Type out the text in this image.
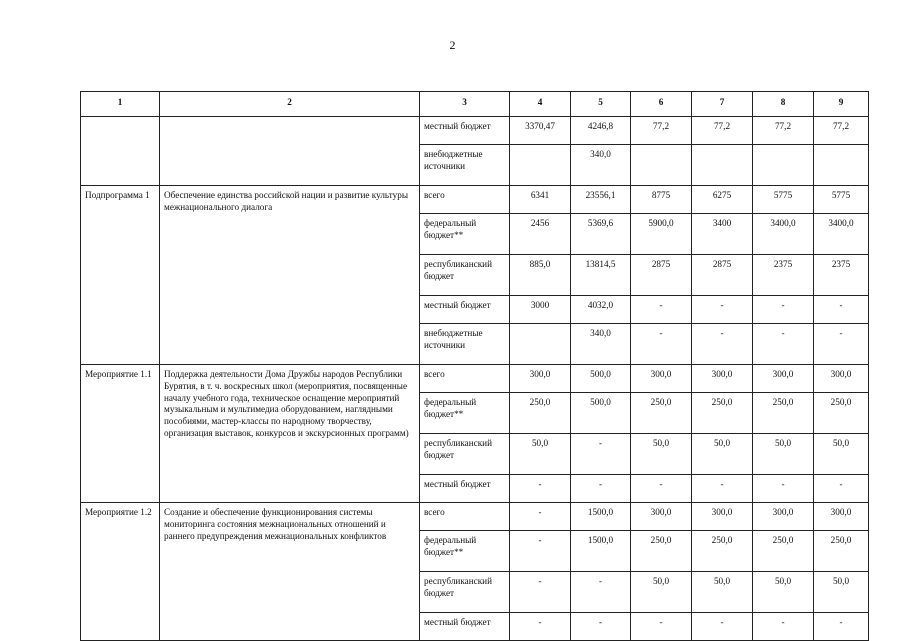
2
1	2	3	4	5	6	7	8	9
		местный бюджет	3370,47	4246,8	77,2	77,2	77,2	77,2
		внебюджетные источники		340,0				
Подпрограмма 1	Обеспечение единства российской нации и развитие культуры межнационального диалога	всего	6341	23556,1	8775	6275	5775	5775
		федеральный бюджет**	2456	5369,6	5900,0	3400	3400,0	3400,0
		республиканский бюджет	885,0	13814,5	2875	2875	2375	2375
		местный бюджет	3000	4032,0	-	-	-	-
		внебюджетные источники		340,0	-	-	-	-
Мероприятие 1.1	Поддержка деятельности Дома Дружбы народов Республики Бурятия, в т. ч. воскресных школ (мероприятия, посвященные началу учебного года, техническое оснащение мероприятий музыкальным и мультимедиа оборудованием, наглядными пособиями, мастер-классы по народному творчеству, организация выставок, конкурсов и экскурсионных программ)	всего	300,0	500,0	300,0	300,0	300,0	300,0
		федеральный бюджет**	250,0	500,0	250,0	250,0	250,0	250,0
		республиканский бюджет	50,0	-	50,0	50,0	50,0	50,0
		местный бюджет	-	-	-	-	-	-
Мероприятие 1.2	Создание и обеспечение функционирования системы мониторинга состояния межнациональных отношений и раннего предупреждения межнациональных конфликтов	всего	-	1500,0	300,0	300,0	300,0	300,0
		федеральный бюджет**	-	1500,0	250,0	250,0	250,0	250,0
		республиканский бюджет	-	-	50,0	50,0	50,0	50,0
		местный бюджет	-	-	-	-	-	-
